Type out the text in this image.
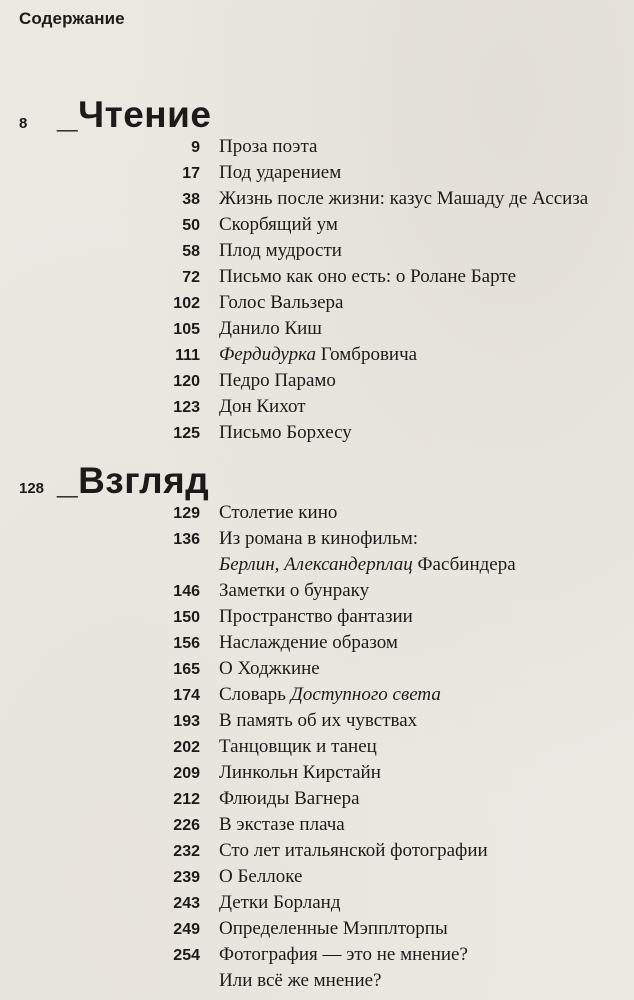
Содержание
8 _Чтение
9 Проза поэта
17 Под ударением
38 Жизнь после жизни: казус Машаду де Ассиза
50 Скорбящий ум
58 Плод мудрости
72 Письмо как оно есть: о Ролане Барте
102 Голос Вальзера
105 Данило Киш
111 Фердидурка Гомбровича
120 Педро Парамо
123 Дон Кихот
125 Письмо Борхесу
128 _Взгляд
129 Столетие кино
136 Из романа в кинофильм:
Берлин, Александерплац Фасбиндера
146 Заметки о бунраку
150 Пространство фантазии
156 Наслаждение образом
165 О Ходжкине
174 Словарь Доступного света
193 В память об их чувствах
202 Танцовщик и танец
209 Линкольн Кирстайн
212 Флюиды Вагнера
226 В экстазе плача
232 Сто лет итальянской фотографии
239 О Беллоке
243 Детки Борланд
249 Определенные Мэпплторпы
254 Фотография — это не мнение?
Или всё же мнение?
